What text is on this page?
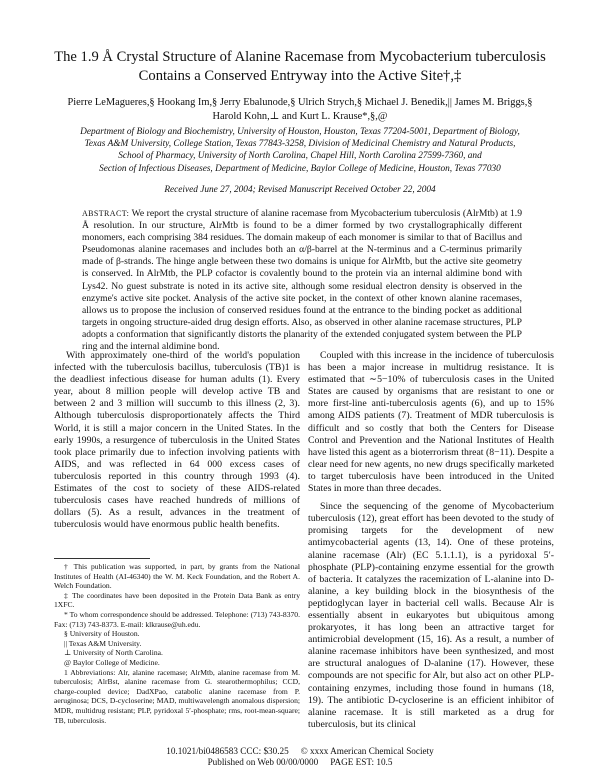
The 1.9 Å Crystal Structure of Alanine Racemase from Mycobacterium tuberculosis
Contains a Conserved Entryway into the Active Site†,‡
Pierre LeMagueres,§ Hookang Im,§ Jerry Ebalunode,§ Ulrich Strych,§ Michael J. Benedik,|| James M. Briggs,§
Harold Kohn,⊥ and Kurt L. Krause*,§,@
Department of Biology and Biochemistry, University of Houston, Houston, Texas 77204-5001, Department of Biology,
Texas A&M University, College Station, Texas 77843-3258, Division of Medicinal Chemistry and Natural Products,
School of Pharmacy, University of North Carolina, Chapel Hill, North Carolina 27599-7360, and
Section of Infectious Diseases, Department of Medicine, Baylor College of Medicine, Houston, Texas 77030
Received June 27, 2004; Revised Manuscript Received October 22, 2004
ABSTRACT: We report the crystal structure of alanine racemase from Mycobacterium tuberculosis (AlrMtb) at 1.9 Å resolution. In our structure, AlrMtb is found to be a dimer formed by two crystallographically different monomers, each comprising 384 residues. The domain makeup of each monomer is similar to that of Bacillus and Pseudomonas alanine racemases and includes both an α/β-barrel at the N-terminus and a C-terminus primarily made of β-strands. The hinge angle between these two domains is unique for AlrMtb, but the active site geometry is conserved. In AlrMtb, the PLP cofactor is covalently bound to the protein via an internal aldimine bond with Lys42. No guest substrate is noted in its active site, although some residual electron density is observed in the enzyme's active site pocket. Analysis of the active site pocket, in the context of other known alanine racemases, allows us to propose the inclusion of conserved residues found at the entrance to the binding pocket as additional targets in ongoing structure-aided drug design efforts. Also, as observed in other alanine racemase structures, PLP adopts a conformation that significantly distorts the planarity of the extended conjugated system between the PLP ring and the internal aldimine bond.

With approximately one-third of the world's population infected with the tuberculosis bacillus, tuberculosis (TB)1 is the deadliest infectious disease for human adults (1). Every year, about 8 million people will develop active TB and between 2 and 3 million will succumb to this illness (2, 3). Although tuberculosis disproportionately affects the Third World, it is still a major concern in the United States. In the early 1990s, a resurgence of tuberculosis in the United States took place primarily due to infection involving patients with AIDS, and was reflected in 64 000 excess cases of tuberculosis reported in this country through 1993 (4). Estimates of the cost to society of these AIDS-related tuberculosis cases have reached hundreds of millions of dollars (5). As a result, advances in the treatment of tuberculosis would have enormous public health benefits.

Coupled with this increase in the incidence of tuberculosis has been a major increase in multidrug resistance. It is estimated that ∼5−10% of tuberculosis cases in the United States are caused by organisms that are resistant to one or more first-line anti-tuberculosis agents (6), and up to 15% among AIDS patients (7). Treatment of MDR tuberculosis is difficult and so costly that both the Centers for Disease Control and Prevention and the National Institutes of Health have listed this agent as a bioterrorism threat (8−11). Despite a clear need for new agents, no new drugs specifically marketed to target tuberculosis have been introduced in the United States in more than three decades.

Since the sequencing of the genome of Mycobacterium tuberculosis (12), great effort has been devoted to the study of promising targets for the development of new antimycobacterial agents (13, 14). One of these proteins, alanine racemase (Alr) (EC 5.1.1.1), is a pyridoxal 5′-phosphate (PLP)-containing enzyme essential for the growth of bacteria. It catalyzes the racemization of L-alanine into D-alanine, a key building block in the biosynthesis of the peptidoglycan layer in bacterial cell walls. Because Alr is essentially absent in eukaryotes but ubiquitous among prokaryotes, it has long been an attractive target for antimicrobial development (15, 16). As a result, a number of alanine racemase inhibitors have been synthesized, and most are structural analogues of D-alanine (17). However, these compounds are not specific for Alr, but also act on other PLP-containing enzymes, including those found in humans (18, 19). The antibiotic D-cycloserine is an efficient inhibitor of alanine racemase. It is still marketed as a drug for tuberculosis, but its clinical

† This publication was supported, in part, by grants from the National Institutes of Health (AI-46340) the W. M. Keck Foundation, and the Robert A. Welch Foundation.
‡ The coordinates have been deposited in the Protein Data Bank as entry 1XFC.
* To whom correspondence should be addressed. Telephone: (713) 743-8370. Fax: (713) 743-8373. E-mail: klkrause@uh.edu.
§ University of Houston.
|| Texas A&M University.
⊥ University of North Carolina.
@ Baylor College of Medicine.
1 Abbreviations: Alr, alanine racemase; AlrMtb, alanine racemase from M. tuberculosis; AlrBst, alanine racemase from G. stearothermophilus; CCD, charge-coupled device; DadXPao, catabolic alanine racemase from P. aeruginosa; DCS, D-cycloserine; MAD, multiwavelength anomalous dispersion; MDR, multidrug resistant; PLP, pyridoxal 5′-phosphate; rms, root-mean-square; TB, tuberculosis.
10.1021/bi0486583 CCC: $30.25 © xxxx American Chemical Society
Published on Web 00/00/0000 PAGE EST: 10.5
